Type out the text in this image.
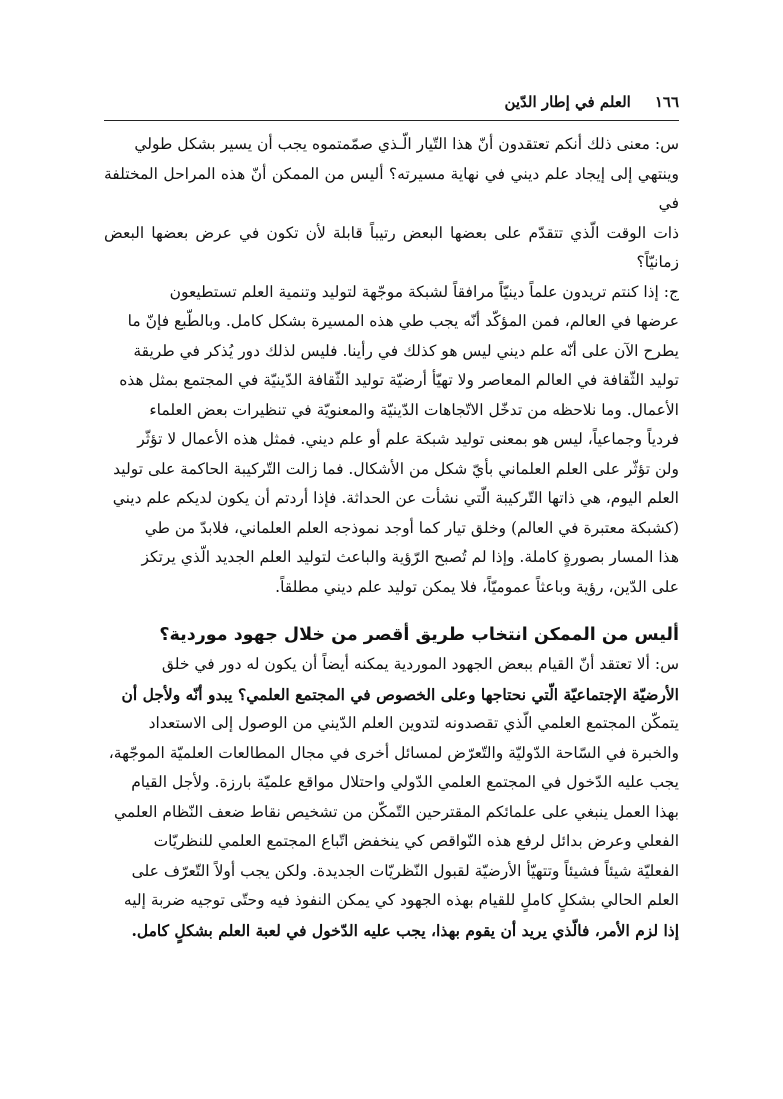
١٦٦
العلم في إطار الدّين

س: معنى ذلك أنكم تعتقدون أنّ هذا التّيار الّـذي صمّمتموه يجب أن يسير بشكل طولي

وينتهي إلى إيجاد علم ديني في نهاية مسيرته؟ أليس من الممكن أنّ هذه المراحل المختلفة في

ذات الوقت الّذي تتقدّم على بعضها البعض رتيباً قابلة لأن تكون في عرض بعضها البعض زمانيّاً؟

ج: إذا كنتم تريدون علماً دينيّاً مرافقاً لشبكة موجّهة لتوليد وتنمية العلم تستطيعون

عرضها في العالم، فمن المؤكّد أنّه يجب طي هذه المسيرة بشكل كامل. وبالطّبع فإنّ ما

يطرح الآن على أنّه علم ديني ليس هو كذلك في رأينا. فليس لذلك دور يُذكر في طريقة

توليد الثّقافة في العالم المعاصر ولا تهيّأ أرضيّة توليد الثّقافة الدّينيّة في المجتمع بمثل هذه

الأعمال. وما نلاحظه من تدخّل الاتّجاهات الدّينيّة والمعنويّة في تنظيرات بعض العلماء

فردياً وجماعياً، ليس هو بمعنى توليد شبكة علم أو علم ديني. فمثل هذه الأعمال لا تؤثّر

ولن تؤثّر على العلم العلماني بأيّ شكل من الأشكال. فما زالت التّركيبة الحاكمة على توليد

العلم اليوم، هي ذاتها التّركيبة الّتي نشأت عن الحداثة. فإذا أردتم أن يكون لديكم علم ديني

(كشبكة معتبرة في العالم) وخلق تيار كما أوجد نموذجه العلم العلماني، فلابدّ من طي

هذا المسار بصورةٍ كاملة. وإذا لم تُصبح الرّؤية والباعث لتوليد العلم الجديد الّذي يرتكز

على الدّين، رؤية وباعثاً عموميّاً، فلا يمكن توليد علم ديني مطلقاً.

أليس من الممكن انتخاب طريق أقصر من خلال جهود موردية؟

س: ألا تعتقد أنّ القيام ببعض الجهود الموردية يمكنه أيضاً أن يكون له دور في خلق

الأرضيّة الإجتماعيّة الّتي نحتاجها وعلى الخصوص في المجتمع العلمي؟ يبدو أنّه ولأجل أن

يتمكّن المجتمع العلمي الّذي تقصدونه لتدوين العلم الدّيني من الوصول إلى الاستعداد

والخبرة في السّاحة الدّوليّة والتّعرّض لمسائل أخرى في مجال المطالعات العلميّة الموجّهة،

يجب عليه الدّخول في المجتمع العلمي الدّولي واحتلال مواقع علميّة بارزة. ولأجل القيام

بهذا العمل ينبغي على علمائكم المقترحين التّمكّن من تشخيص نقاط ضعف النّظام العلمي

الفعلي وعرض بدائل لرفع هذه النّواقص كي ينخفض اتّباع المجتمع العلمي للنظريّات

الفعليّة شيئاً فشيئاً وتتهيّأ الأرضيّة لقبول النّظريّات الجديدة. ولكن يجب أولاً التّعرّف على

العلم الحالي بشكلٍ كاملٍ للقيام بهذه الجهود كي يمكن النفوذ فيه وحتّى توجيه ضربة إليه

إذا لزم الأمر، فالّذي يريد أن يقوم بهذا، يجب عليه الدّخول في لعبة العلم بشكلٍ كامل.
